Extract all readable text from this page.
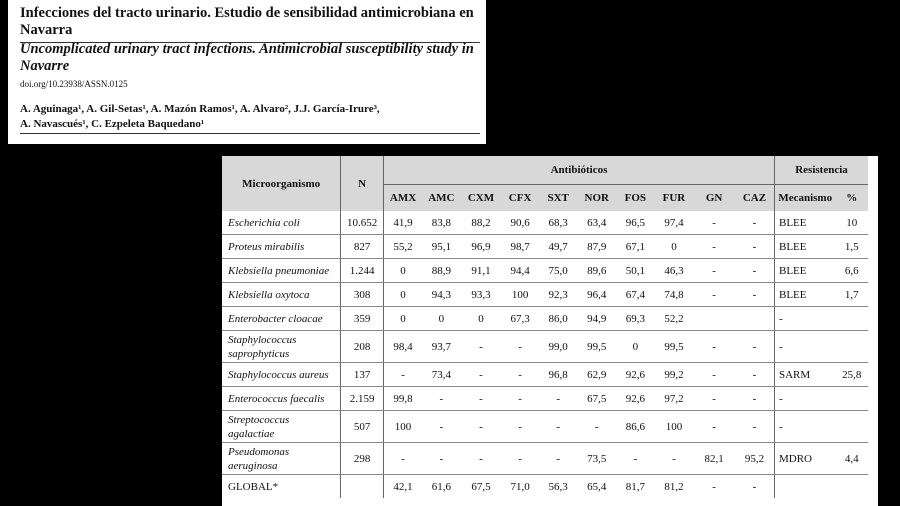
Infecciones del tracto urinario. Estudio de sensibilidad antimicrobiana en Navarra
Uncomplicated urinary tract infections. Antimicrobial susceptibility study in Navarre
doi.org/10.23938/ASSN.0125
A. Aguinaga¹, A. Gil-Setas¹, A. Mazón Ramos¹, A. Alvaro², J.J. García-Irure³,
A. Navascués¹, C. Ezpeleta Baquedano¹
Microorganismo	N	Antibióticos										Resistencia	
		AMX	AMC	CXM	CFX	SXT	NOR	FOS	FUR	GN	CAZ	Mecanismo	%
Escherichia coli	10.652	41,9	83,8	88,2	90,6	68,3	63,4	96,5	97,4	-	-	BLEE	10
Proteus mirabilis	827	55,2	95,1	96,9	98,7	49,7	87,9	67,1	0	-	-	BLEE	1,5
Klebsiella pneumoniae	1.244	0	88,9	91,1	94,4	75,0	89,6	50,1	46,3	-	-	BLEE	6,6
Klebsiella oxytoca	308	0	94,3	93,3	100	92,3	96,4	67,4	74,8	-	-	BLEE	1,7
Enterobacter cloacae	359	0	0	0	67,3	86,0	94,9	69,3	52,2			-	
Staphylococcus saprophyticus	208	98,4	93,7	-	-	99,0	99,5	0	99,5	-	-	-	
Staphylococcus aureus	137	-	73,4	-	-	96,8	62,9	92,6	99,2	-	-	SARM	25,8
Enterococcus faecalis	2.159	99,8	-	-	-	-	67,5	92,6	97,2	-	-	-	
Streptococcus agalactiae	507	100	-	-	-	-	-	86,6	100	-	-	-	
Pseudomonas aeruginosa	298	-	-	-	-	-	73,5	-	-	82,1	95,2	MDRO	4,4
GLOBAL*		42,1	61,6	67,5	71,0	56,3	65,4	81,7	81,2	-	-		
